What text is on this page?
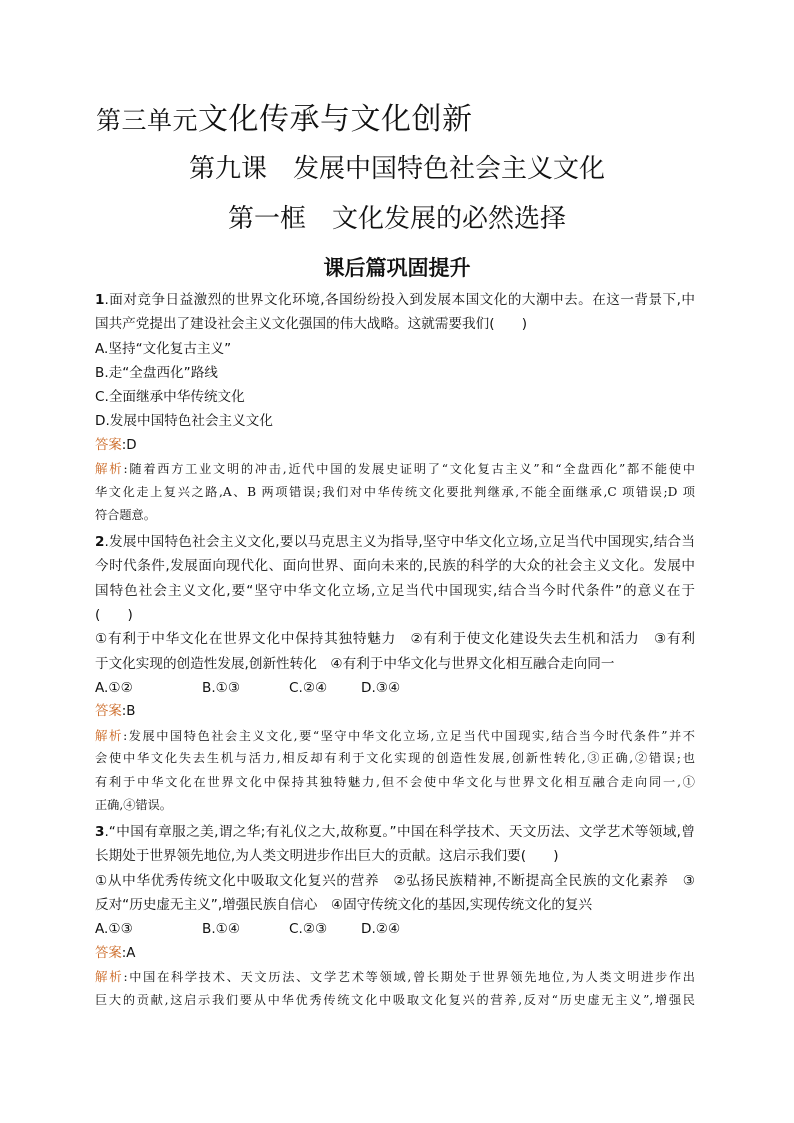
第三单元文化传承与文化创新
第九课　发展中国特色社会主义文化
第一框　文化发展的必然选择
课后篇巩固提升
1.面对竞争日益激烈的世界文化环境,各国纷纷投入到发展本国文化的大潮中去。在这一背景下,中
国共产党提出了建设社会主义文化强国的伟大战略。这就需要我们(　　)
A.坚持“文化复古主义”
B.走“全盘西化”路线
C.全面继承中华传统文化
D.发展中国特色社会主义文化
答案:D
解析:随着西方工业文明的冲击,近代中国的发展史证明了“文化复古主义”和“全盘西化”都不能使中
华文化走上复兴之路,A、B 两项错误;我们对中华传统文化要批判继承,不能全面继承,C 项错误;D 项
符合题意。
2.发展中国特色社会主义文化,要以马克思主义为指导,坚守中华文化立场,立足当代中国现实,结合当
今时代条件,发展面向现代化、面向世界、面向未来的,民族的科学的大众的社会主义文化。发展中
国特色社会主义文化,要“坚守中华文化立场,立足当代中国现实,结合当今时代条件”的意义在于
(　　)
①有利于中华文化在世界文化中保持其独特魅力　②有利于使文化建设失去生机和活力　③有利
于文化实现的创造性发展,创新性转化　④有利于中华文化与世界文化相互融合走向同一
A.①②	B.①③	C.②④	D.③④
答案:B
解析:发展中国特色社会主义文化,要“坚守中华文化立场,立足当代中国现实,结合当今时代条件”并不
会使中华文化失去生机与活力,相反却有利于文化实现的创造性发展,创新性转化,③正确,②错误;也
有利于中华文化在世界文化中保持其独特魅力,但不会使中华文化与世界文化相互融合走向同一,①
正确,④错误。
3.“中国有章服之美,谓之华;有礼仪之大,故称夏。”中国在科学技术、天文历法、文学艺术等领域,曾
长期处于世界领先地位,为人类文明进步作出巨大的贡献。这启示我们要(　　)
①从中华优秀传统文化中吸取文化复兴的营养　②弘扬民族精神,不断提高全民族的文化素养　③
反对“历史虚无主义”,增强民族自信心　④固守传统文化的基因,实现传统文化的复兴
A.①③	B.①④	C.②③	D.②④
答案:A
解析:中国在科学技术、天文历法、文学艺术等领域,曾长期处于世界领先地位,为人类文明进步作出
巨大的贡献,这启示我们要从中华优秀传统文化中吸取文化复兴的营养,反对“历史虚无主义”,增强民
